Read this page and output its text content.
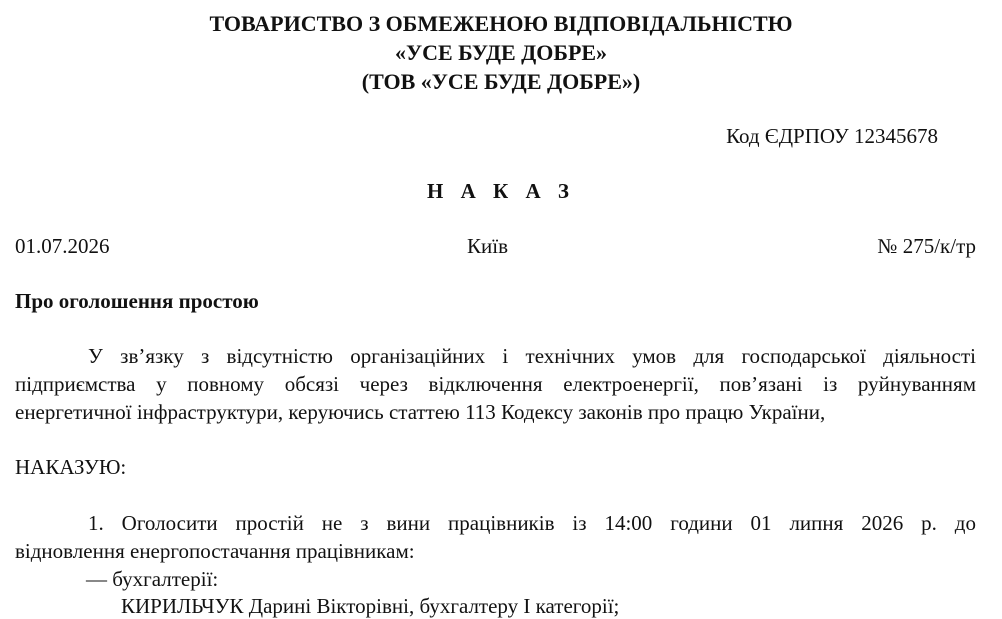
ТОВАРИСТВО З ОБМЕЖЕНОЮ ВІДПОВІДАЛЬНІСТЮ
«УСЕ БУДЕ ДОБРЕ»
(ТОВ «УСЕ БУДЕ ДОБРЕ»)
Код ЄДРПОУ 12345678
Н А К А З
01.07.2026	Київ	№ 275/к/тр
Про оголошення простою
У зв’язку з відсутністю організаційних і технічних умов для господарської діяльності
підприємства у повному обсязі через відключення електроенергії, пов’язані із руйнуванням
енергетичної інфраструктури, керуючись статтею 113 Кодексу законів про працю України,
НАКАЗУЮ:
1. Оголосити простій не з вини працівників із 14:00 години 01 липня 2026 р. до
відновлення енергопостачання працівникам:
— бухгалтерії:
КИРИЛЬЧУК Дарині Вікторівні, бухгалтеру І категорії;
